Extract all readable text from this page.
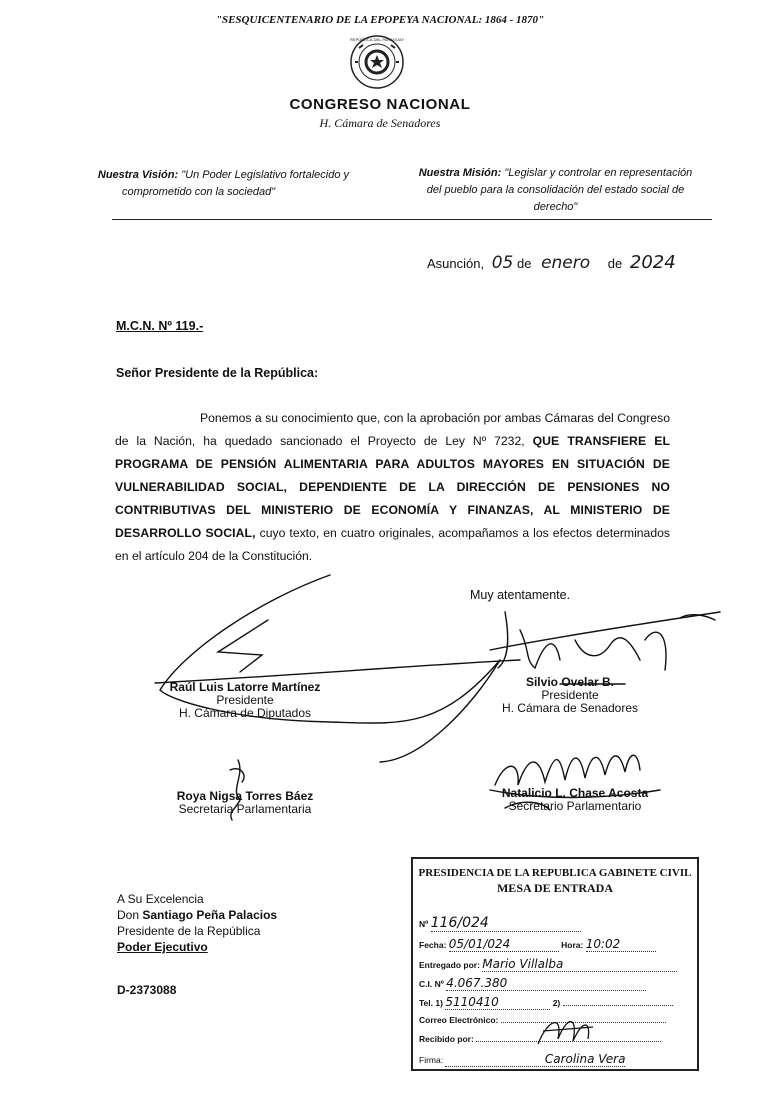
"SESQUICENTENARIO DE LA EPOPEYA NACIONAL: 1864 - 1870"
REPÚBLICA DEL PARAGUAY
CONGRESO NACIONAL
H. Cámara de Senadores
Nuestra Visión: "Un Poder Legislativo fortalecido y
comprometido con la sociedad"
Nuestra Misión: "Legislar y controlar en representación
del pueblo para la consolidación del estado social de
derecho"
Asunción, 05 de enero de 2024
M.C.N. Nº 119.-
Señor Presidente de la República:
Ponemos a su conocimiento que, con la aprobación por ambas Cámaras del Congreso de la Nación, ha quedado sancionado el Proyecto de Ley Nº 7232, QUE TRANSFIERE EL PROGRAMA DE PENSIÓN ALIMENTARIA PARA ADULTOS MAYORES EN SITUACIÓN DE VULNERABILIDAD SOCIAL, DEPENDIENTE DE LA DIRECCIÓN DE PENSIONES NO CONTRIBUTIVAS DEL MINISTERIO DE ECONOMÍA Y FINANZAS, AL MINISTERIO DE DESARROLLO SOCIAL, cuyo texto, en cuatro originales, acompañamos a los efectos determinados en el artículo 204 de la Constitución.
Muy atentamente.
Raúl Luis Latorre Martínez
Presidente
H. Cámara de Diputados
Silvio Ovelar B.
Presidente
H. Cámara de Senadores
Roya Nigsa Torres Báez
Secretaria Parlamentaria
Natalicio L. Chase Acosta
Secretario Parlamentario
A Su Excelencia
Don Santiago Peña Palacios
Presidente de la República
Poder Ejecutivo
D-2373088
PRESIDENCIA DE LA REPUBLICA GABINETE CIVIL
MESA DE ENTRADA
Nº 116/024
Fecha: 05/01/024	Hora: 10:02
Entregado por: Mario Villalba
C.I. Nº 4.067.380
Tel. 1) 5110410	2)
Correo Electrónico:
Recibido por:
Firma:	Carolina Vera
